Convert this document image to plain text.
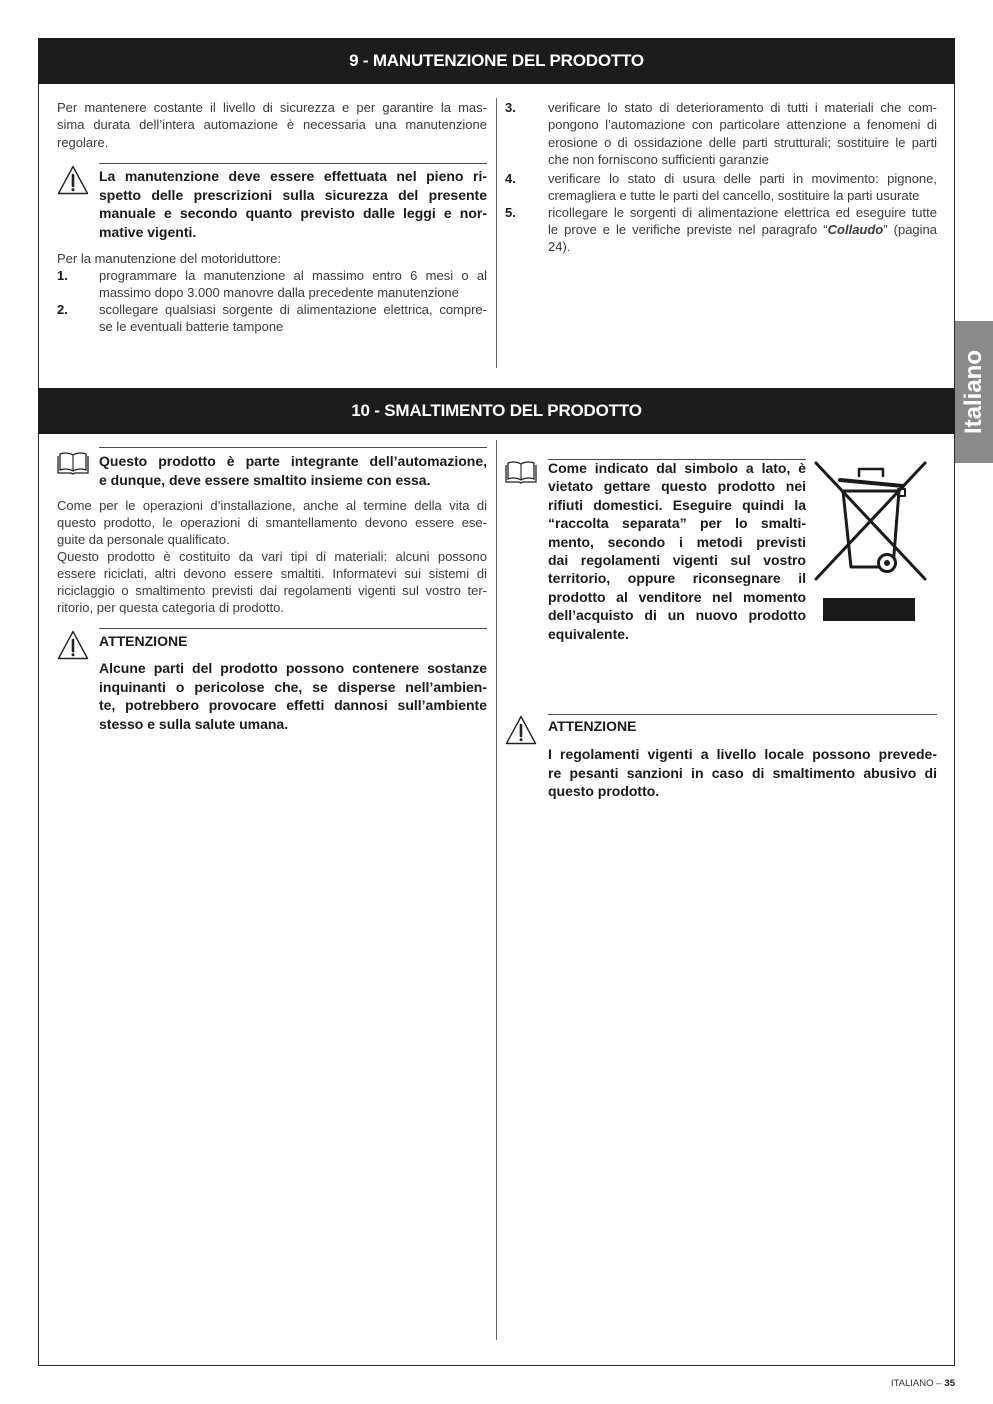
9 - MANUTENZIONE DEL PRODOTTO
Per mantenere costante il livello di sicurezza e per garantire la mas-
sima durata dell’intera automazione è necessaria una manutenzione
regolare.
La manutenzione deve essere effettuata nel pieno ri-
spetto delle prescrizioni sulla sicurezza del presente
manuale e secondo quanto previsto dalle leggi e nor-
mative vigenti.
Per la manutenzione del motoriduttore:
1. programmare la manutenzione al massimo entro 6 mesi o al
massimo dopo 3.000 manovre dalla precedente manutenzione
2. scollegare qualsiasi sorgente di alimentazione elettrica, compre-
se le eventuali batterie tampone
3. verificare lo stato di deterioramento di tutti i materiali che com-
pongono l’automazione con particolare attenzione a fenomeni di
erosione o di ossidazione delle parti strutturali; sostituire le parti
che non forniscono sufficienti garanzie
4. verificare lo stato di usura delle parti in movimento: pignone,
cremagliera e tutte le parti del cancello, sostituire la parti usurate
5. ricollegare le sorgenti di alimentazione elettrica ed eseguire tutte
le prove e le verifiche previste nel paragrafo “Collaudo” (pagina
24).
10 - SMALTIMENTO DEL PRODOTTO
Questo prodotto è parte integrante dell’automazione,
e dunque, deve essere smaltito insieme con essa.
Come per le operazioni d’installazione, anche al termine della vita di
questo prodotto, le operazioni di smantellamento devono essere ese-
guite da personale qualificato.
Questo prodotto è costituito da vari tipi di materiali: alcuni possono
essere riciclati, altri devono essere smaltiti. Informatevi sui sistemi di
riciclaggio o smaltimento previsti dai regolamenti vigenti sul vostro ter-
ritorio, per questa categoria di prodotto.
ATTENZIONE
Alcune parti del prodotto possono contenere sostanze
inquinanti o pericolose che, se disperse nell’ambien-
te, potrebbero provocare effetti dannosi sull’ambiente
stesso e sulla salute umana.
Come indicato dal simbolo a lato, è
vietato gettare questo prodotto nei
rifiuti domestici. Eseguire quindi la
“raccolta separata” per lo smalti-
mento, secondo i metodi previsti
dai regolamenti vigenti sul vostro
territorio, oppure riconsegnare il
prodotto al venditore nel momento
dell’acquisto di un nuovo prodotto
equivalente.
ATTENZIONE
I regolamenti vigenti a livello locale possono prevede-
re pesanti sanzioni in caso di smaltimento abusivo di
questo prodotto.
Italiano
ITALIANO – 35
